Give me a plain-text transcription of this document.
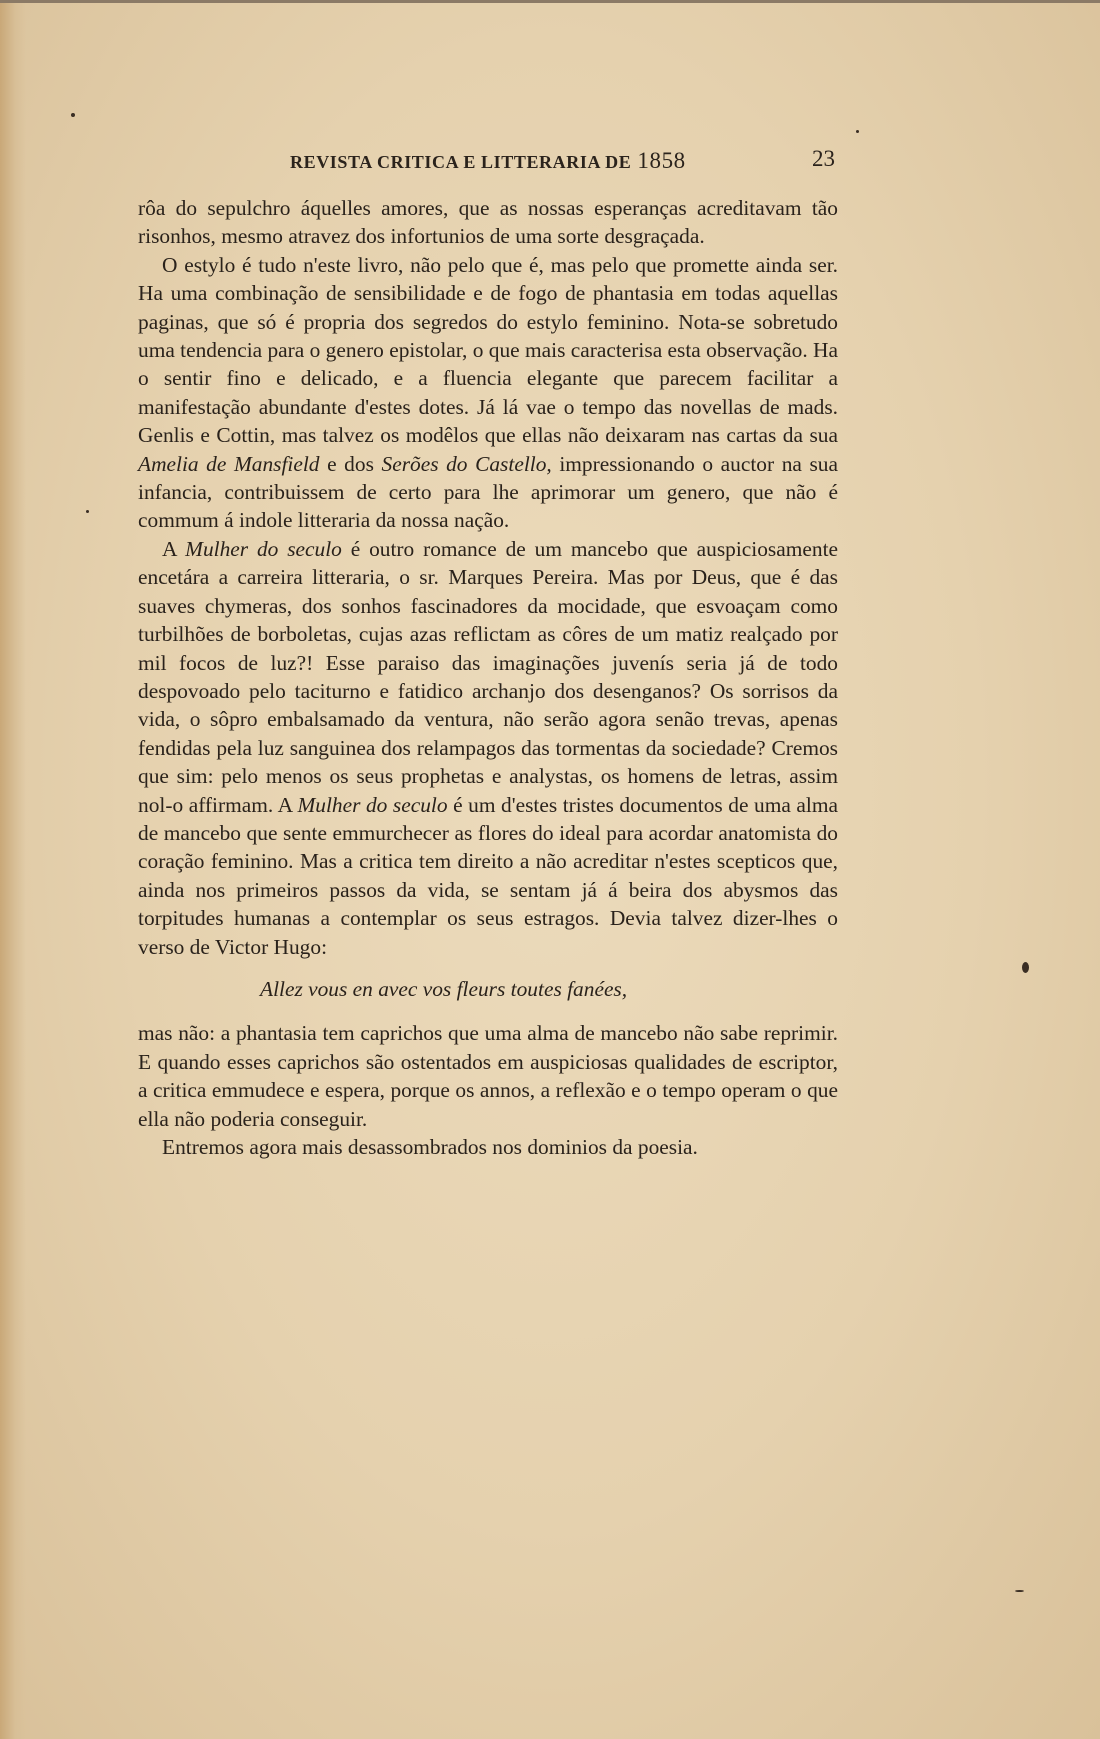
REVISTA CRITICA E LITTERARIA DE 1858	23

rôa do sepulchro áquelles amores, que as nossas esperanças acreditavam tão risonhos, mesmo atravez dos infortunios de uma sorte desgraçada.

O estylo é tudo n'este livro, não pelo que é, mas pelo que promette ainda ser. Ha uma combinação de sensibilidade e de fogo de phantasia em todas aquellas paginas, que só é propria dos segredos do estylo feminino. Nota-se sobretudo uma tendencia para o genero epistolar, o que mais caracterisa esta observação. Ha o sentir fino e delicado, e a fluencia elegante que parecem facilitar a manifestação abundante d'estes dotes. Já lá vae o tempo das novellas de mads. Genlis e Cottin, mas talvez os modêlos que ellas não deixaram nas cartas da sua Amelia de Mansfield e dos Serões do Castello, impressionando o auctor na sua infancia, contribuissem de certo para lhe aprimorar um genero, que não é commum á indole litteraria da nossa nação.

A Mulher do seculo é outro romance de um mancebo que auspiciosamente encetára a carreira litteraria, o sr. Marques Pereira. Mas por Deus, que é das suaves chymeras, dos sonhos fascinadores da mocidade, que esvoaçam como turbilhões de borboletas, cujas azas reflictam as côres de um matiz realçado por mil focos de luz?! Esse paraiso das imaginações juvenís seria já de todo despovoado pelo taciturno e fatidico archanjo dos desenganos? Os sorrisos da vida, o sôpro embalsamado da ventura, não serão agora senão trevas, apenas fendidas pela luz sanguinea dos relampagos das tormentas da sociedade? Cremos que sim: pelo menos os seus prophetas e analystas, os homens de letras, assim nol-o affirmam. A Mulher do seculo é um d'estes tristes documentos de uma alma de mancebo que sente emmurchecer as flores do ideal para acordar anatomista do coração feminino. Mas a critica tem direito a não acreditar n'estes scepticos que, ainda nos primeiros passos da vida, se sentam já á beira dos abysmos das torpitudes humanas a contemplar os seus estragos. Devia talvez dizer-lhes o verso de Victor Hugo:

Allez vous en avec vos fleurs toutes fanées,

mas não: a phantasia tem caprichos que uma alma de mancebo não sabe reprimir. E quando esses caprichos são ostentados em auspiciosas qualidades de escriptor, a critica emmudece e espera, porque os annos, a reflexão e o tempo operam o que ella não poderia conseguir.

Entremos agora mais desassombrados nos dominios da poesia.
